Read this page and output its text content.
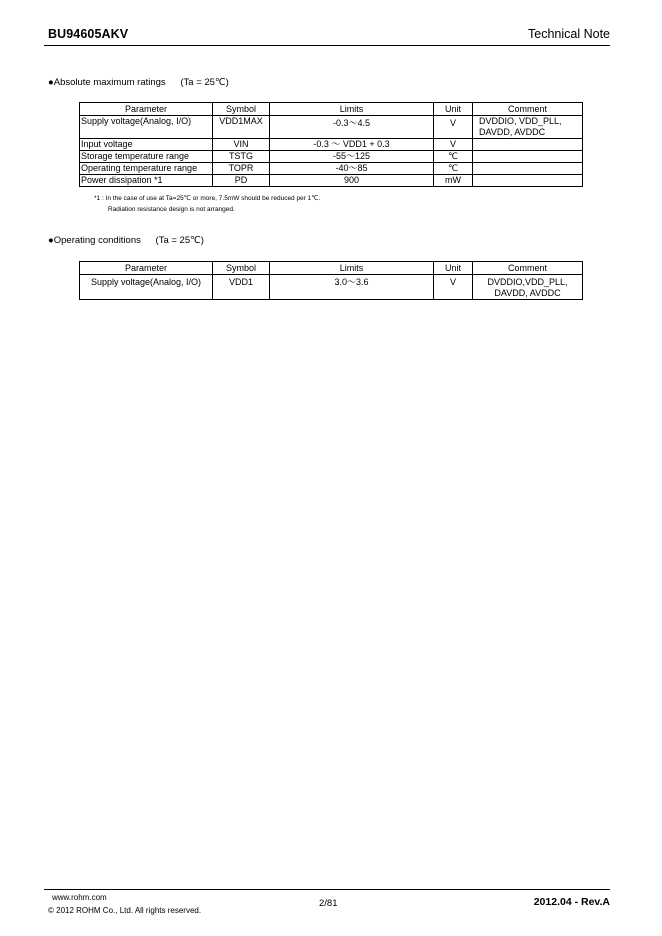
BU94605AKV	Technical Note
●Absolute maximum ratings (Ta = 25℃)
Parameter	Symbol	Limits	Unit	Comment
Supply voltage(Analog, I/O)	VDD1MAX	-0.3～4.5	V	DVDDIO, VDD_PLL,
DAVDD, AVDDC

Input voltage	VIN	-0.3 ～ VDD1 + 0.3	V	
Storage temperature range	TSTG	-55～125	℃	
Operating temperature range	TOPR	-40～85	℃	
Power dissipation *1	PD	900	mW	
*1 : In the case of use at Ta=25℃ or more, 7.5mW should be reduced per 1℃.
Radiation resistance design is not arranged.
●Operating conditions (Ta = 25℃)
Parameter	Symbol	Limits	Unit	Comment
Supply voltage(Analog, I/O)	VDD1	3.0～3.6	V	DVDDIO,VDD_PLL,
DAVDD, AVDDC
www.rohm.com
© 2012 ROHM Co., Ltd. All rights reserved.
2/81	2012.04 - Rev.A
